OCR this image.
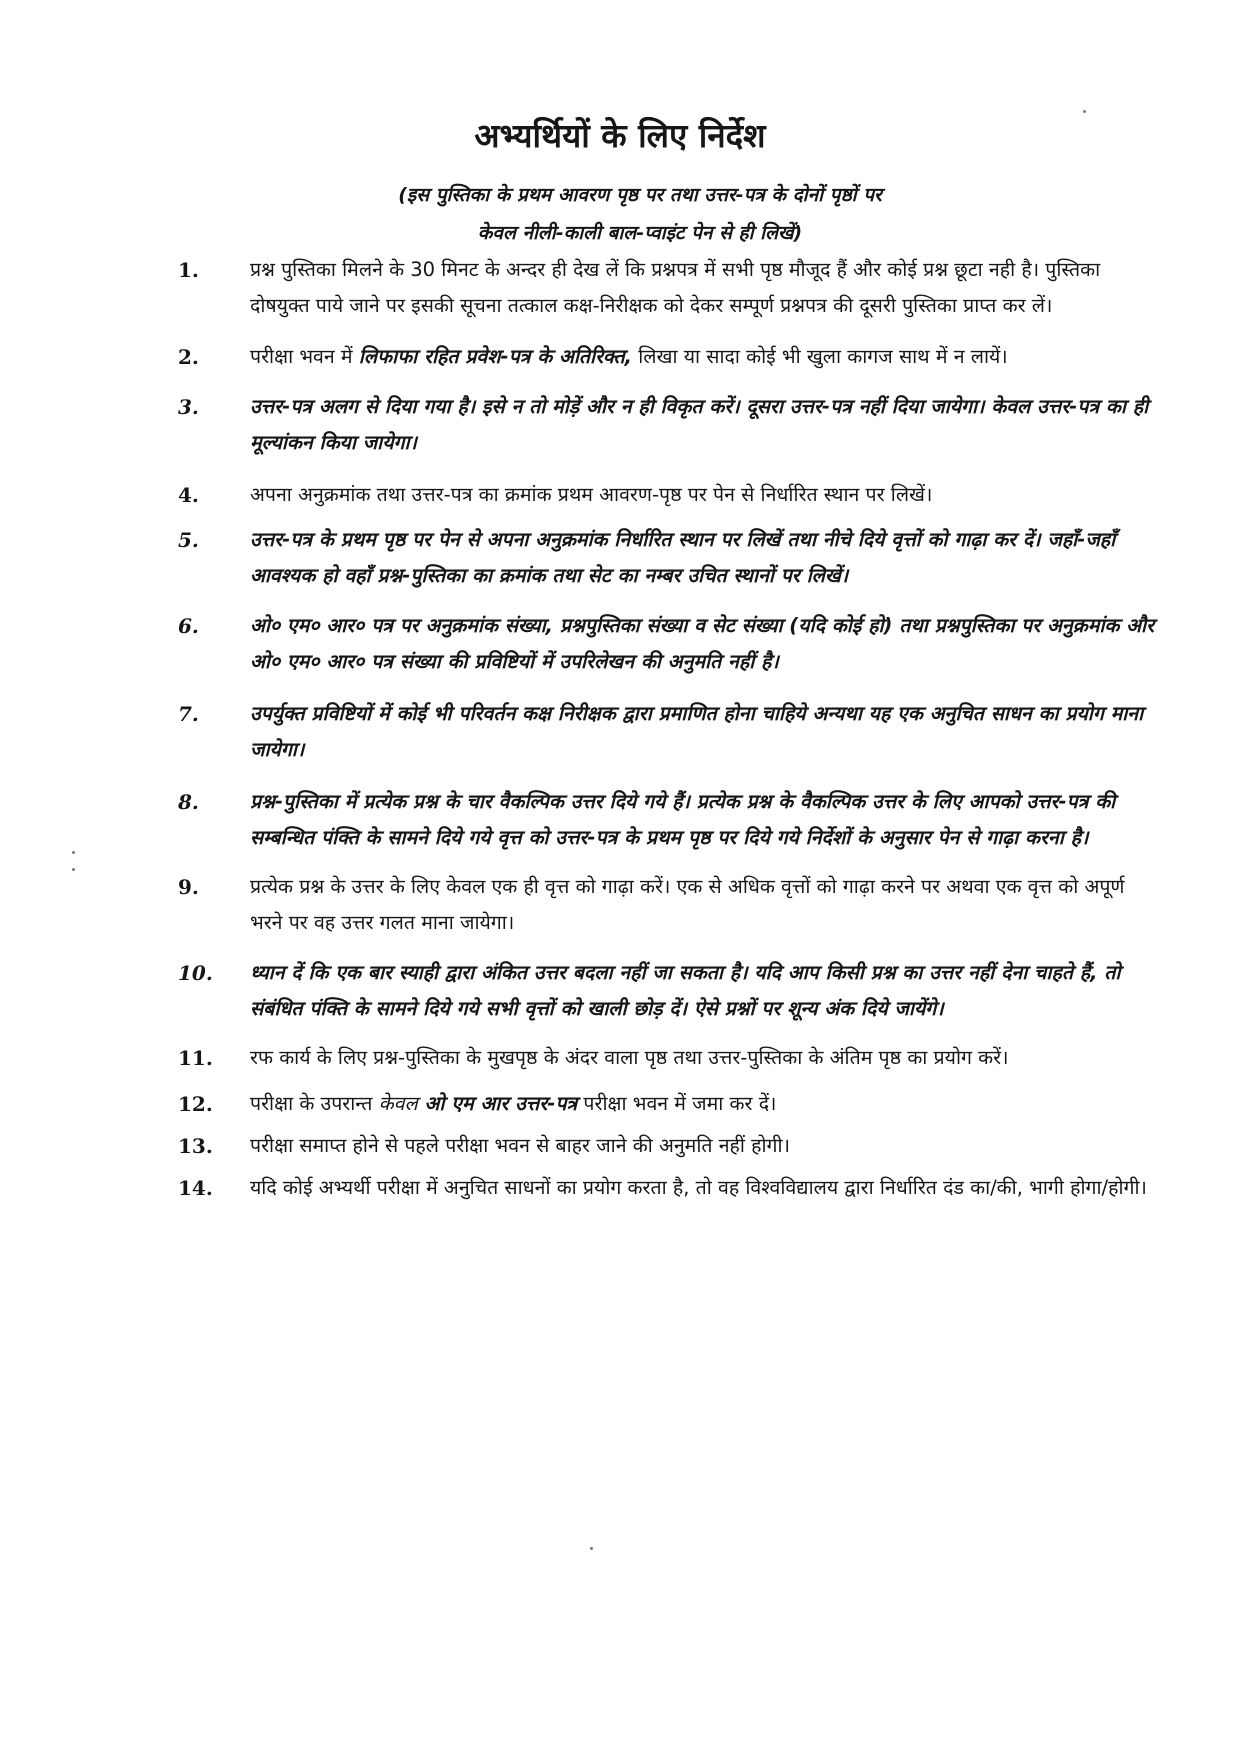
अभ्यर्थियों के लिए निर्देश

(इस पुस्तिका के प्रथम आवरण पृष्ठ पर तथा उत्तर-पत्र के दोनों पृष्ठों पर
केवल नीली-काली बाल-प्वाइंट पेन से ही लिखें)

1.	प्रश्न पुस्तिका मिलने के 30 मिनट के अन्दर ही देख लें कि प्रश्नपत्र में सभी पृष्ठ मौजूद हैं और कोई प्रश्न छूटा नही है। पुस्तिका दोषयुक्त पाये जाने पर इसकी सूचना तत्काल कक्ष-निरीक्षक को देकर सम्पूर्ण प्रश्नपत्र की दूसरी पुस्तिका प्राप्त कर लें।
2.	परीक्षा भवन में लिफाफा रहित प्रवेश-पत्र के अतिरिक्त, लिखा या सादा कोई भी खुला कागज साथ में न लायें।
3.	उत्तर-पत्र अलग से दिया गया है। इसे न तो मोड़ें और न ही विकृत करें। दूसरा उत्तर-पत्र नहीं दिया जायेगा। केवल उत्तर-पत्र का ही मूल्यांकन किया जायेगा।
4.	अपना अनुक्रमांक तथा उत्तर-पत्र का क्रमांक प्रथम आवरण-पृष्ठ पर पेन से निर्धारित स्थान पर लिखें।
5.	उत्तर-पत्र के प्रथम पृष्ठ पर पेन से अपना अनुक्रमांक निर्धारित स्थान पर लिखें तथा नीचे दिये वृत्तों को गाढ़ा कर दें। जहाँ-जहाँ आवश्यक हो वहाँ प्रश्न-पुस्तिका का क्रमांक तथा सेट का नम्बर उचित स्थानों पर लिखें।
6.	ओ० एम० आर० पत्र पर अनुक्रमांक संख्या, प्रश्नपुस्तिका संख्या व सेट संख्या (यदि कोई हो) तथा प्रश्नपुस्तिका पर अनुक्रमांक और ओ० एम० आर० पत्र संख्या की प्रविष्टियों में उपरिलेखन की अनुमति नहीं है।
7.	उपर्युक्त प्रविष्टियों में कोई भी परिवर्तन कक्ष निरीक्षक द्वारा प्रमाणित होना चाहिये अन्यथा यह एक अनुचित साधन का प्रयोग माना जायेगा।
8.	प्रश्न-पुस्तिका में प्रत्येक प्रश्न के चार वैकल्पिक उत्तर दिये गये हैं। प्रत्येक प्रश्न के वैकल्पिक उत्तर के लिए आपको उत्तर-पत्र की सम्बन्धित पंक्ति के सामने दिये गये वृत्त को उत्तर-पत्र के प्रथम पृष्ठ पर दिये गये निर्देशों के अनुसार पेन से गाढ़ा करना है।
9.	प्रत्येक प्रश्न के उत्तर के लिए केवल एक ही वृत्त को गाढ़ा करें। एक से अधिक वृत्तों को गाढ़ा करने पर अथवा एक वृत्त को अपूर्ण भरने पर वह उत्तर गलत माना जायेगा।
10.	ध्यान दें कि एक बार स्याही द्वारा अंकित उत्तर बदला नहीं जा सकता है। यदि आप किसी प्रश्न का उत्तर नहीं देना चाहते हैं, तो संबंधित पंक्ति के सामने दिये गये सभी वृत्तों को खाली छोड़ दें। ऐसे प्रश्नों पर शून्य अंक दिये जायेंगे।
11.	रफ कार्य के लिए प्रश्न-पुस्तिका के मुखपृष्ठ के अंदर वाला पृष्ठ तथा उत्तर-पुस्तिका के अंतिम पृष्ठ का प्रयोग करें।
12.	परीक्षा के उपरान्त केवल ओ एम आर उत्तर-पत्र परीक्षा भवन में जमा कर दें।
13.	परीक्षा समाप्त होने से पहले परीक्षा भवन से बाहर जाने की अनुमति नहीं होगी।
14.	यदि कोई अभ्यर्थी परीक्षा में अनुचित साधनों का प्रयोग करता है, तो वह विश्वविद्यालय द्वारा निर्धारित दंड का/की, भागी होगा/होगी।
